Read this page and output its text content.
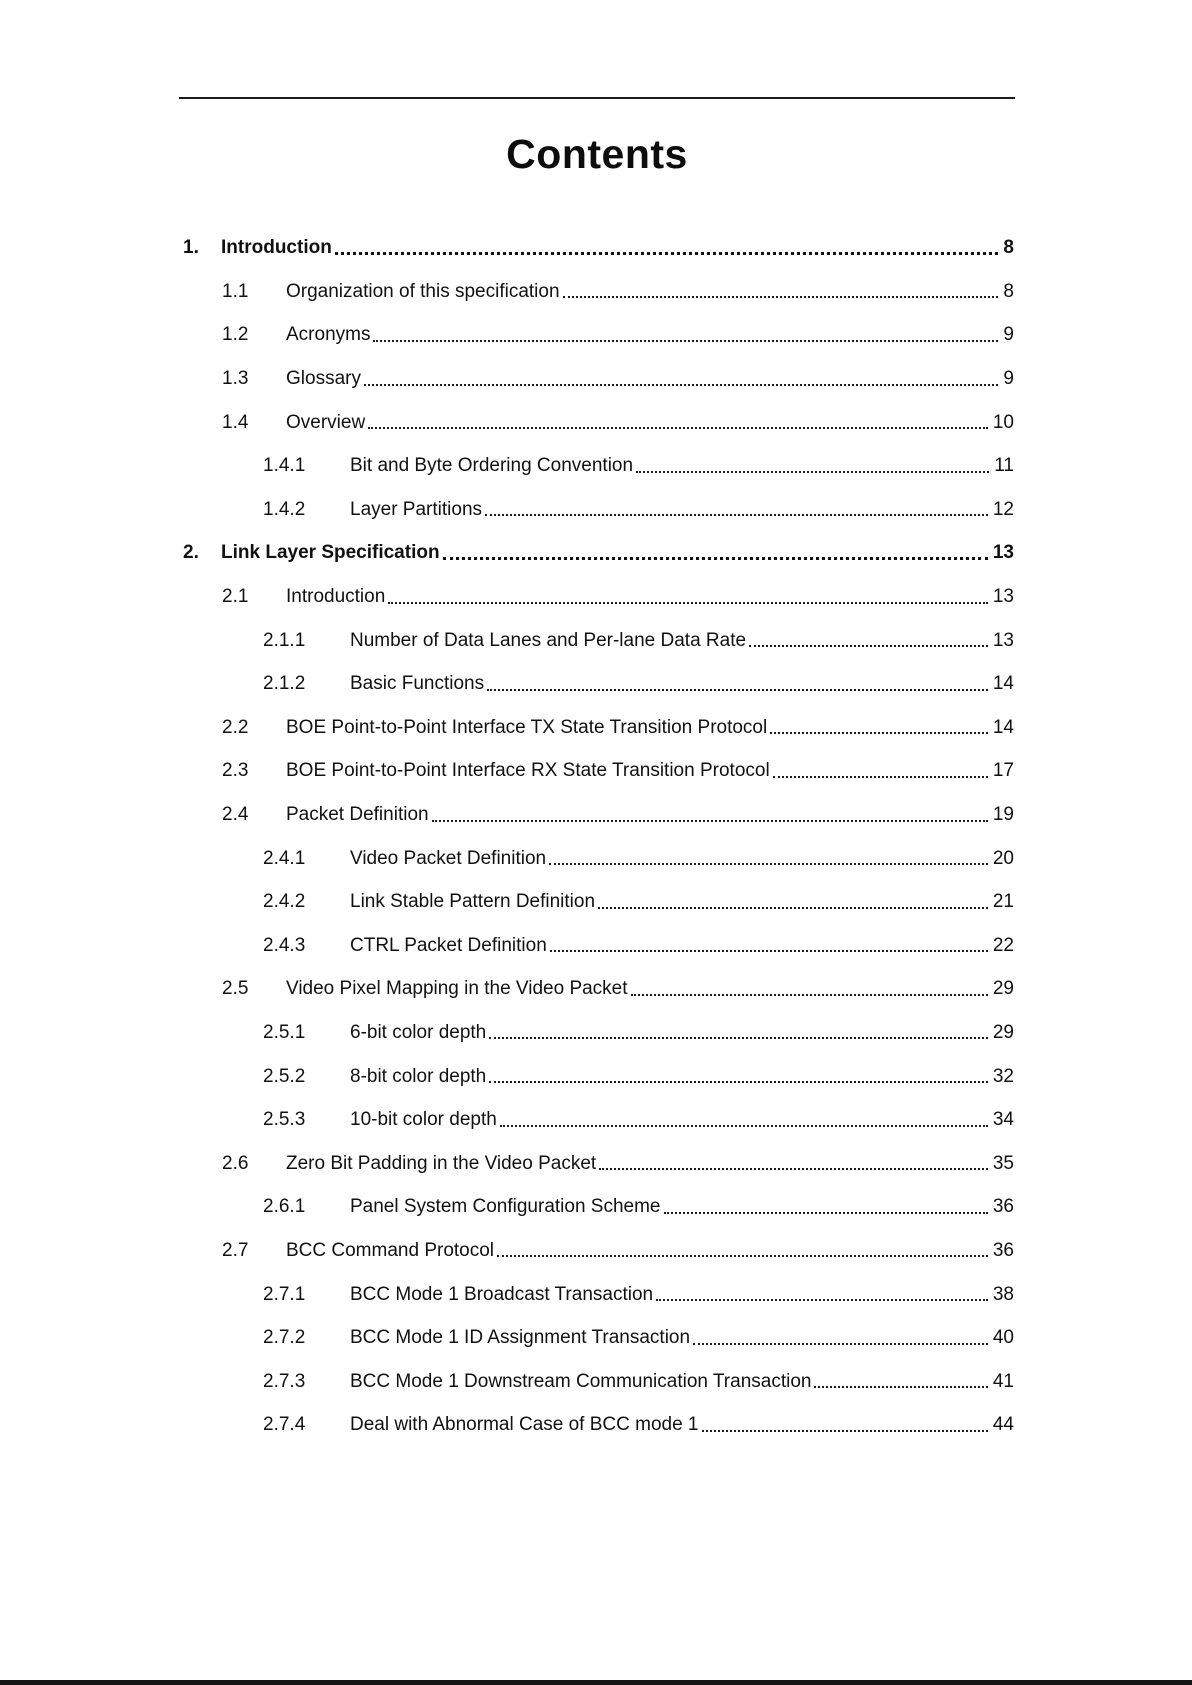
Contents
1.	Introduction	8
1.1	Organization of this specification	8
1.2	Acronyms	9
1.3	Glossary	9
1.4	Overview	10
1.4.1	Bit and Byte Ordering Convention	11
1.4.2	Layer Partitions	12
2.	Link Layer Specification	13
2.1	Introduction	13
2.1.1	Number of Data Lanes and Per-lane Data Rate	13
2.1.2	Basic Functions	14
2.2	BOE Point-to-Point Interface TX State Transition Protocol	14
2.3	BOE Point-to-Point Interface RX State Transition Protocol	17
2.4	Packet Definition	19
2.4.1	Video Packet Definition	20
2.4.2	Link Stable Pattern Definition	21
2.4.3	CTRL Packet Definition	22
2.5	Video Pixel Mapping in the Video Packet	29
2.5.1	6-bit color depth	29
2.5.2	8-bit color depth	32
2.5.3	10-bit color depth	34
2.6	Zero Bit Padding in the Video Packet	35
2.6.1	Panel System Configuration Scheme	36
2.7	BCC Command Protocol	36
2.7.1	BCC Mode 1 Broadcast Transaction	38
2.7.2	BCC Mode 1 ID Assignment Transaction	40
2.7.3	BCC Mode 1 Downstream Communication Transaction	41
2.7.4	Deal with Abnormal Case of BCC mode 1	44
